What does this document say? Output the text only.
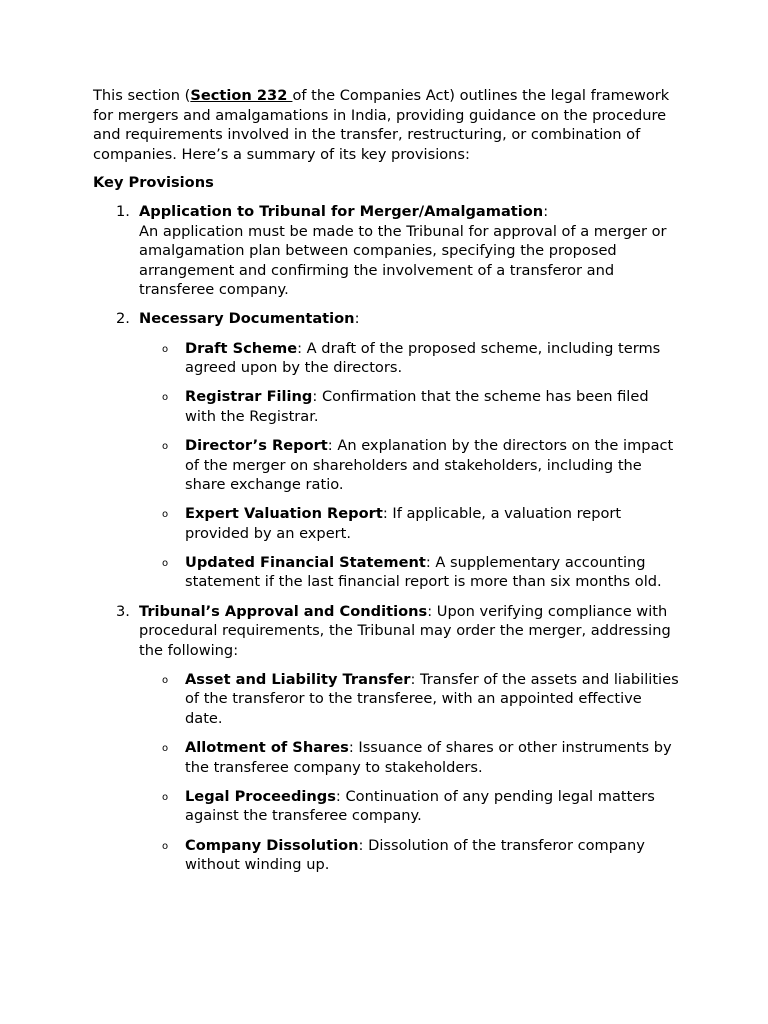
This section (Section 232 of the Companies Act) outlines the legal framework for mergers and amalgamations in India, providing guidance on the procedure and requirements involved in the transfer, restructuring, or combination of companies. Here’s a summary of its key provisions:

Key Provisions

1. Application to Tribunal for Merger/Amalgamation:
An application must be made to the Tribunal for approval of a merger or amalgamation plan between companies, specifying the proposed arrangement and confirming the involvement of a transferor and transferee company.
2. Necessary Documentation:
o Draft Scheme: A draft of the proposed scheme, including terms agreed upon by the directors.
o Registrar Filing: Confirmation that the scheme has been filed with the Registrar.
o Director’s Report: An explanation by the directors on the impact of the merger on shareholders and stakeholders, including the share exchange ratio.
o Expert Valuation Report: If applicable, a valuation report provided by an expert.
o Updated Financial Statement: A supplementary accounting statement if the last financial report is more than six months old.
3. Tribunal’s Approval and Conditions: Upon verifying compliance with procedural requirements, the Tribunal may order the merger, addressing the following:
o Asset and Liability Transfer: Transfer of the assets and liabilities of the transferor to the transferee, with an appointed effective date.
o Allotment of Shares: Issuance of shares or other instruments by the transferee company to stakeholders.
o Legal Proceedings: Continuation of any pending legal matters against the transferee company.
o Company Dissolution: Dissolution of the transferor company without winding up.
